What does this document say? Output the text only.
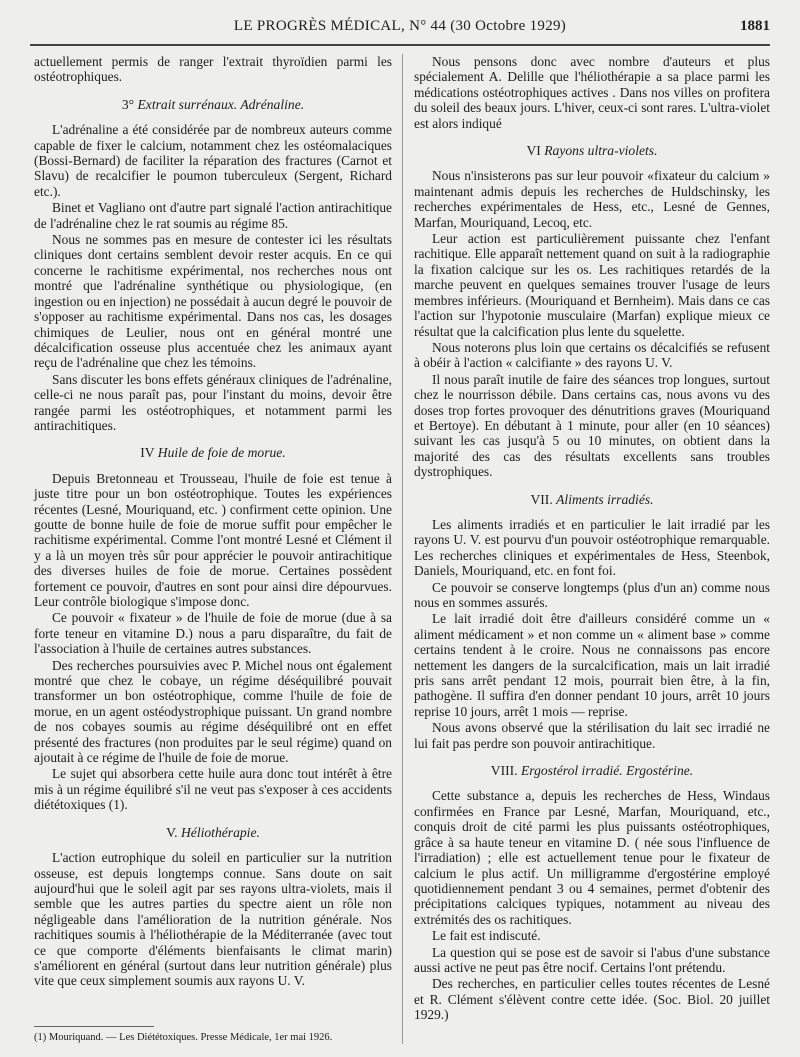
LE PROGRÈS MÉDICAL, N° 44 (30 Octobre 1929)	1881

actuellement permis de ranger l'extrait thyroïdien parmi les ostéotrophiques.

3° Extrait surrénaux. Adrénaline.

L'adrénaline a été considérée par de nombreux auteurs comme capable de fixer le calcium, notamment chez les ostéomalaciques (Bossi-Bernard) de faciliter la réparation des fractures (Carnot et Slavu) de recalcifier le poumon tuberculeux (Sergent, Richard etc.).

Binet et Vagliano ont d'autre part signalé l'action antirachitique de l'adrénaline chez le rat soumis au régime 85.

Nous ne sommes pas en mesure de contester ici les résultats cliniques dont certains semblent devoir rester acquis. En ce qui concerne le rachitisme expérimental, nos recherches nous ont montré que l'adrénaline synthétique ou physiologique, (en ingestion ou en injection) ne possédait à aucun degré le pouvoir de s'opposer au rachitisme expérimental. Dans nos cas, les dosages chimiques de Leulier, nous ont en général montré une décalcification osseuse plus accentuée chez les animaux ayant reçu de l'adrénaline que chez les témoins.

Sans discuter les bons effets généraux cliniques de l'adrénaline, celle-ci ne nous paraît pas, pour l'instant du moins, devoir être rangée parmi les ostéotrophiques, et notamment parmi les antirachitiques.

IV Huile de foie de morue.

Depuis Bretonneau et Trousseau, l'huile de foie est tenue à juste titre pour un bon ostéotrophique. Toutes les expériences récentes (Lesné, Mouriquand, etc. ) confirment cette opinion. Une goutte de bonne huile de foie de morue suffit pour empêcher le rachitisme expérimental. Comme l'ont montré Lesné et Clément il y a là un moyen très sûr pour apprécier le pouvoir antirachitique des diverses huiles de foie de morue. Certaines possèdent fortement ce pouvoir, d'autres en sont pour ainsi dire dépourvues. Leur contrôle biologique s'impose donc.

Ce pouvoir « fixateur » de l'huile de foie de morue (due à sa forte teneur en vitamine D.) nous a paru disparaître, du fait de l'association à l'huile de certaines autres substances.

Des recherches poursuivies avec P. Michel nous ont également montré que chez le cobaye, un régime déséquilibré pouvait transformer un bon ostéotrophique, comme l'huile de foie de morue, en un agent ostéodystrophique puissant. Un grand nombre de nos cobayes soumis au régime déséquilibré ont en effet présenté des fractures (non produites par le seul régime) quand on ajoutait à ce régime de l'huile de foie de morue.

Le sujet qui absorbera cette huile aura donc tout intérêt à être mis à un régime équilibré s'il ne veut pas s'exposer à ces accidents diététoxiques (1).

V. Héliothérapie.

L'action eutrophique du soleil en particulier sur la nutrition osseuse, est depuis longtemps connue. Sans doute on sait aujourd'hui que le soleil agit par ses rayons ultra-violets, mais il semble que les autres parties du spectre aient un rôle non négligeable dans l'amélioration de la nutrition générale. Nos rachitiques soumis à l'héliothérapie de la Méditerranée (avec tout ce que comporte d'éléments bienfaisants le climat marin) s'améliorent en général (surtout dans leur nutrition générale) plus vite que ceux simplement soumis aux rayons U. V.

Nous pensons donc avec nombre d'auteurs et plus spécialement A. Delille que l'héliothérapie a sa place parmi les médications ostéotrophiques actives . Dans nos villes on profitera du soleil des beaux jours. L'hiver, ceux-ci sont rares. L'ultra-violet est alors indiqué

VI Rayons ultra-violets.

Nous n'insisterons pas sur leur pouvoir «fixateur du calcium » maintenant admis depuis les recherches de Huldschinsky, les recherches expérimentales de Hess, etc., Lesné de Gennes, Marfan, Mouriquand, Lecoq, etc.

Leur action est particulièrement puissante chez l'enfant rachitique. Elle apparaît nettement quand on suit à la radiographie la fixation calcique sur les os. Les rachitiques retardés de la marche peuvent en quelques semaines trouver l'usage de leurs membres inférieurs. (Mouriquand et Bernheim). Mais dans ce cas l'action sur l'hypotonie musculaire (Marfan) explique mieux ce résultat que la calcification plus lente du squelette.

Nous noterons plus loin que certains os décalcifiés se refusent à obéir à l'action « calcifiante » des rayons U. V.

Il nous paraît inutile de faire des séances trop longues, surtout chez le nourrisson débile. Dans certains cas, nous avons vu des doses trop fortes provoquer des dénutritions graves (Mouriquand et Bertoye). En débutant à 1 minute, pour aller (en 10 séances) suivant les cas jusqu'à 5 ou 10 minutes, on obtient dans la majorité des cas des résultats excellents sans troubles dystrophiques.

VII. Aliments irradiés.

Les aliments irradiés et en particulier le lait irradié par les rayons U. V. est pourvu d'un pouvoir ostéotrophique remarquable. Les recherches cliniques et expérimentales de Hess, Steenbok, Daniels, Mouriquand, etc. en font foi.

Ce pouvoir se conserve longtemps (plus d'un an) comme nous nous en sommes assurés.

Le lait irradié doit être d'ailleurs considéré comme un « aliment médicament » et non comme un « aliment base » comme certains tendent à le croire. Nous ne connaissons pas encore nettement les dangers de la surcalcification, mais un lait irradié pris sans arrêt pendant 12 mois, pourrait bien être, à la fin, pathogène. Il suffira d'en donner pendant 10 jours, arrêt 10 jours reprise 10 jours, arrêt 1 mois — reprise.

Nous avons observé que la stérilisation du lait sec irradié ne lui fait pas perdre son pouvoir antirachitique.

VIII. Ergostérol irradié. Ergostérine.

Cette substance a, depuis les recherches de Hess, Windaus confirmées en France par Lesné, Marfan, Mouriquand, etc., conquis droit de cité parmi les plus puissants ostéotrophiques, grâce à sa haute teneur en vitamine D. ( née sous l'influence de l'irradiation) ; elle est actuellement tenue pour le fixateur de calcium le plus actif. Un milligramme d'ergostérine employé quotidiennement pendant 3 ou 4 semaines, permet d'obtenir des précipitations calciques typiques, notamment au niveau des extrémités des os rachitiques.

Le fait est indiscuté.

La question qui se pose est de savoir si l'abus d'une substance aussi active ne peut pas être nocif. Certains l'ont prétendu.

Des recherches, en particulier celles toutes récentes de Lesné et R. Clément s'élèvent contre cette idée. (Soc. Biol. 20 juillet 1929.)

(1) Mouriquand. — Les Diététoxiques. Presse Médicale, 1er mai 1926.
